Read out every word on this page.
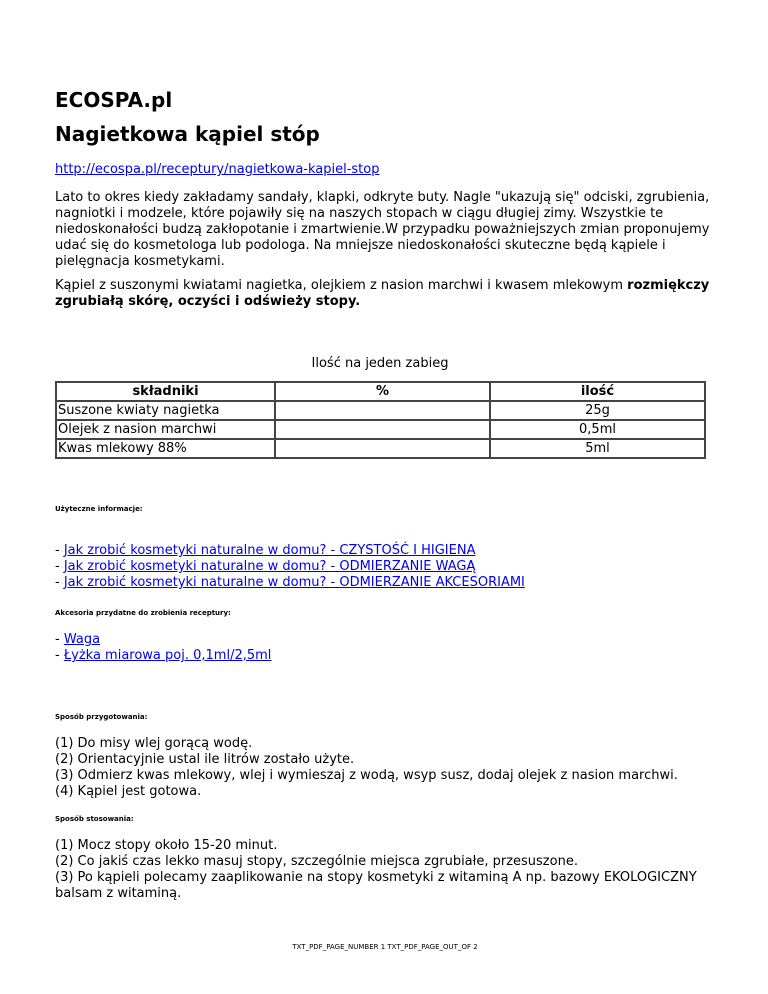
ECOSPA.pl
Nagietkowa kąpiel stóp
http://ecospa.pl/receptury/nagietkowa-kapiel-stop

Lato to okres kiedy zakładamy sandały, klapki, odkryte buty. Nagle "ukazują się" odciski, zgrubienia, nagniotki i modzele, które pojawiły się na naszych stopach w ciągu długiej zimy. Wszystkie te niedoskonałości budzą zakłopotanie i zmartwienie.W przypadku poważniejszych zmian proponujemy udać się do kosmetologa lub podologa. Na mniejsze niedoskonałości skuteczne będą kąpiele i pielęgnacja kosmetykami.

Kąpiel z suszonymi kwiatami nagietka, olejkiem z nasion marchwi i kwasem mlekowym rozmiękczy zgrubiałą skórę, oczyści i odświeży stopy.

Ilość na jeden zabieg
składniki	%	ilość
Suszone kwiaty nagietka		25g
Olejek z nasion marchwi		0,5ml
Kwas mlekowy 88%		5ml
Użyteczne informacje:
- Jak zrobić kosmetyki naturalne w domu? - CZYSTOŚĆ I HIGIENA
- Jak zrobić kosmetyki naturalne w domu? - ODMIERZANIE WAGĄ
- Jak zrobić kosmetyki naturalne w domu? - ODMIERZANIE AKCESORIAMI
Akcesoria przydatne do zrobienia receptury:
- Waga
- Łyżka miarowa poj. 0,1ml/2,5ml
Sposób przygotowania:
(1) Do misy wlej gorącą wodę.
(2) Orientacyjnie ustal ile litrów zostało użyte.
(3) Odmierz kwas mlekowy, wlej i wymieszaj z wodą, wsyp susz, dodaj olejek z nasion marchwi.
(4) Kąpiel jest gotowa.
Sposób stosowania:
(1) Mocz stopy około 15-20 minut.
(2) Co jakiś czas lekko masuj stopy, szczególnie miejsca zgrubiałe, przesuszone.
(3) Po kąpieli polecamy zaaplikowanie na stopy kosmetyki z witaminą A np. bazowy EKOLOGICZNY balsam z witaminą.
TXT_PDF_PAGE_NUMBER 1 TXT_PDF_PAGE_OUT_OF 2
